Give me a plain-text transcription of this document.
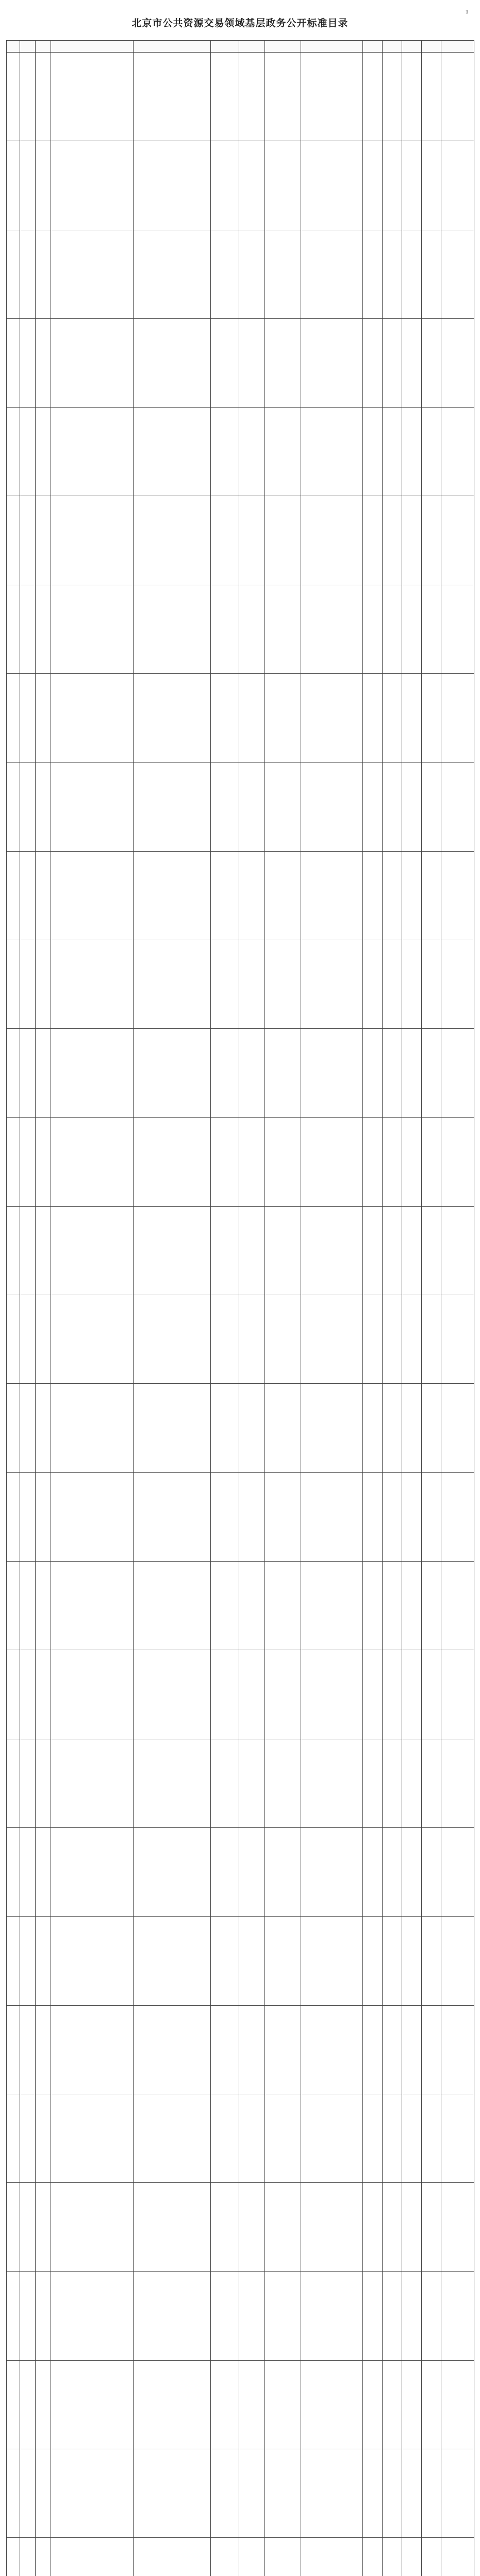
1
北京市公共资源交易领域基层政务公开标准目录
